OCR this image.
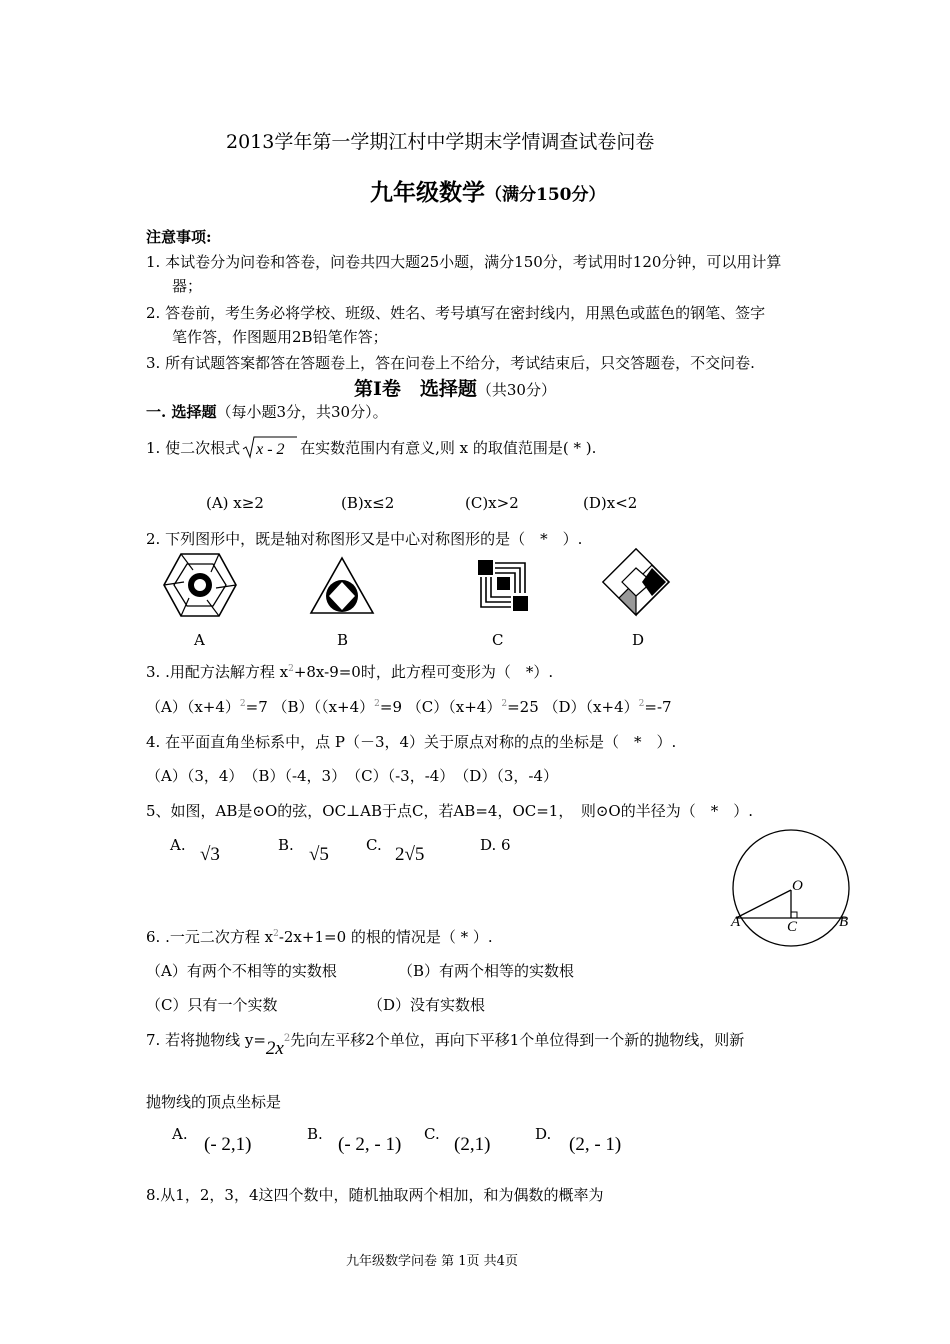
2013学年第一学期江村中学期末学情调查试卷问卷
九年级数学（满分150分）
注意事项:
1. 本试卷分为问卷和答卷，问卷共四大题25小题，满分150分，考试用时120分钟，可以用计算
器；
2. 答卷前，考生务必将学校、班级、姓名、考号填写在密封线内，用黑色或蓝色的钢笔、签字
笔作答，作图题用2B铅笔作答；
3. 所有试题答案都答在答题卷上，答在问卷上不给分，考试结束后，只交答题卷，不交问卷.
第Ⅰ卷　选择题（共30分）
一. 选择题（每小题3分，共30分）。
1. 使二次根式 x - 2 在实数范围内有意义,则 x 的取值范围是( * ).
(A) x≥2	(B)x≤2	(C)x>2	(D)x<2
2. 下列图形中，既是轴对称图形又是中心对称图形的是（　*　）.
A	B	C	D
3. .用配方法解方程 $x^2+8x-9=0$时，此方程可变形为（　*）.
$(A)(x+4)^2=7$ $(B)((x+4)^2=9$ $(C)(x+4)^2=25$ $(D)(x+4)^2=-7$
4. 在平面直角坐标系中，点 P（－3，4）关于原点对称的点的坐标是（　*　）.
（A）（3，4）　（B）（-4，3）　（C）（-3，-4）　（D）（3，-4）
5、如图，AB是⊙O的弦，OC⊥AB于点C，若AB=4，OC=1，　则⊙O的半径为（　*　）.
A. √3	B. √5 C. 2√5	D. 6
O
A	C	B
6. .一元二次方程 $x^2-2x+1=0$ 的根的情况是（ * ）.
（A）有两个不相等的实数根	（B）有两个相等的实数根
（C）只有一个实数	（D）没有实数根
7. 若将抛物线 $y=2x^2$先向左平移2个单位，再向下平移1个单位得到一个新的抛物线，则新
抛物线的顶点坐标是
A. (- 2,1)	B. (- 2, - 1) C. (2,1)	D. (2, - 1)
8.从1，2，3，4这四个数中，随机抽取两个相加，和为偶数的概率为
九年级数学问卷 第 1页 共4页
